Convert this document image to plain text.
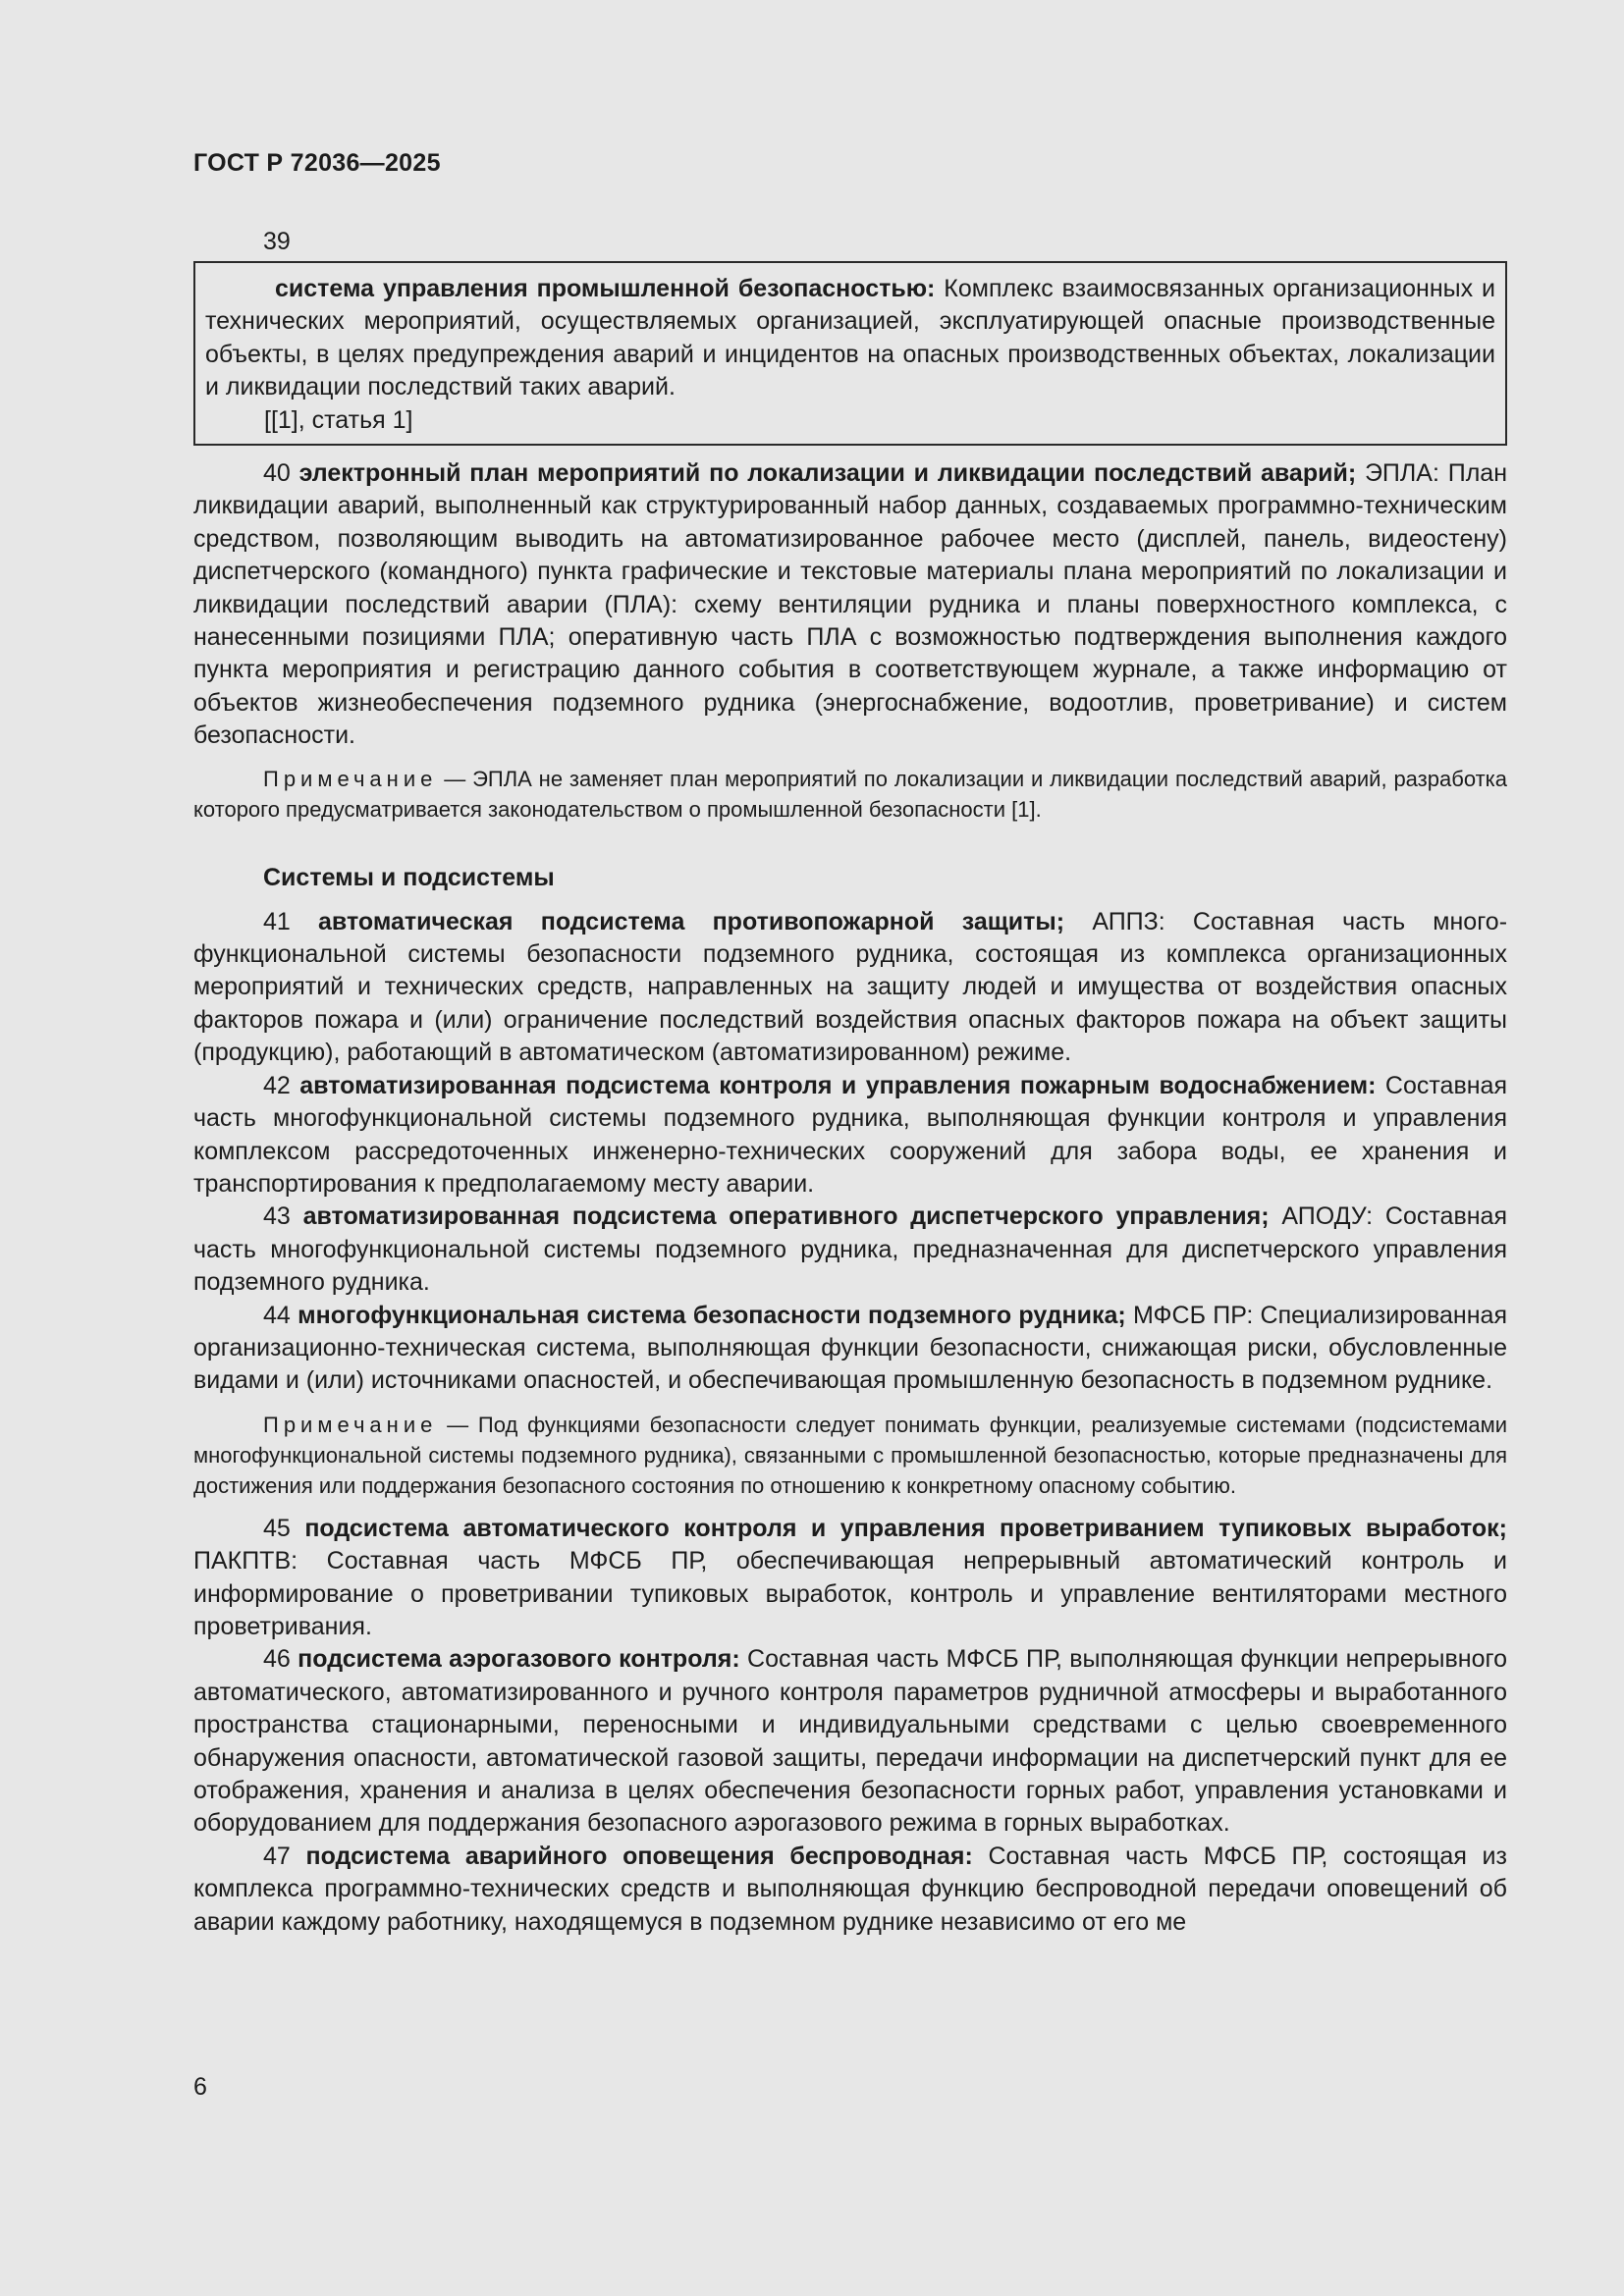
ГОСТ Р 72036—2025
39

система управления промышленной безопасностью: Комплекс взаимосвязанных организационных и технических мероприятий, осуществляемых организацией, эксплуатирующей опасные производственные объекты, в целях предупреждения аварий и инцидентов на опасных производственных объектах, локализации и ликвидации последствий таких аварий.

[[1], статья 1]

40 электронный план мероприятий по локализации и ликвидации последствий аварий; ЭПЛА: План ликвидации аварий, выполненный как структурированный набор данных, создаваемых программно-техническим средством, позволяющим выводить на автоматизированное рабочее место (дисплей, панель, видеостену) диспетчерского (командного) пункта графические и текстовые материалы плана мероприятий по локализации и ликвидации последствий аварии (ПЛА): схему вентиляции рудника и планы поверхностного комплекса, с нанесенными позициями ПЛА; оперативную часть ПЛА с возможностью подтверждения выполнения каждого пункта мероприятия и регистрацию данного события в соответствующем журнале, а также информацию от объектов жизнеобеспечения подземного рудника (энергоснабжение, водоотлив, проветривание) и систем безопасности.

Примечание — ЭПЛА не заменяет план мероприятий по локализации и ликвидации последствий аварий, разработка которого предусматривается законодательством о промышленной безопасности [1].

Системы и подсистемы

41 автоматическая подсистема противопожарной защиты; АППЗ: Составная часть многофункциональной системы безопасности подземного рудника, состоящая из комплекса организационных мероприятий и технических средств, направленных на защиту людей и имущества от воздействия опасных факторов пожара и (или) ограничение последствий воздействия опасных факторов пожара на объект защиты (продукцию), работающий в автоматическом (автоматизированном) режиме.

42 автоматизированная подсистема контроля и управления пожарным водоснабжением: Составная часть многофункциональной системы подземного рудника, выполняющая функции контроля и управления комплексом рассредоточенных инженерно-технических сооружений для забора воды, ее хранения и транспортирования к предполагаемому месту аварии.

43 автоматизированная подсистема оперативного диспетчерского управления; АПОДУ: Составная часть многофункциональной системы подземного рудника, предназначенная для диспетчерского управления подземного рудника.

44 многофункциональная система безопасности подземного рудника; МФСБ ПР: Специализированная организационно-техническая система, выполняющая функции безопасности, снижающая риски, обусловленные видами и (или) источниками опасностей, и обеспечивающая промышленную безопасность в подземном руднике.

Примечание — Под функциями безопасности следует понимать функции, реализуемые системами (подсистемами многофункциональной системы подземного рудника), связанными с промышленной безопасностью, которые предназначены для достижения или поддержания безопасного состояния по отношению к конкретному опасному событию.

45 подсистема автоматического контроля и управления проветриванием тупиковых выработок; ПАКПТВ: Составная часть МФСБ ПР, обеспечивающая непрерывный автоматический контроль и информирование о проветривании тупиковых выработок, контроль и управление вентиляторами местного проветривания.

46 подсистема аэрогазового контроля: Составная часть МФСБ ПР, выполняющая функции непрерывного автоматического, автоматизированного и ручного контроля параметров рудничной атмосферы и выработанного пространства стационарными, переносными и индивидуальными средствами с целью своевременного обнаружения опасности, автоматической газовой защиты, передачи информации на диспетчерский пункт для ее отображения, хранения и анализа в целях обеспечения безопасности горных работ, управления установками и оборудованием для поддержания безопасного аэрогазового режима в горных выработках.

47 подсистема аварийного оповещения беспроводная: Составная часть МФСБ ПР, состоящая из комплекса программно-технических средств и выполняющая функцию беспроводной передачи оповещений об аварии каждому работнику, находящемуся в подземном руднике независимо от его ме

6
